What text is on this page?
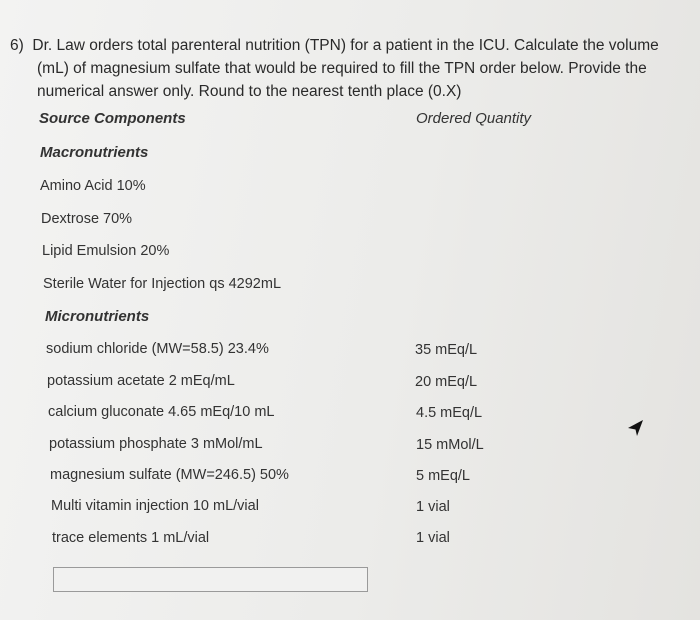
6) Dr. Law orders total parenteral nutrition (TPN) for a patient in the ICU. Calculate the volume
(mL) of magnesium sulfate that would be required to fill the TPN order below. Provide the
numerical answer only. Round to the nearest tenth place (0.X)
Source Components	Ordered Quantity
Macronutrients
Amino Acid 10%
Dextrose 70%
Lipid Emulsion 20%
Sterile Water for Injection qs 4292mL
Micronutrients
sodium chloride (MW=58.5) 23.4%	35 mEq/L
potassium acetate 2 mEq/mL	20 mEq/L
calcium gluconate 4.65 mEq/10 mL	4.5 mEq/L
potassium phosphate 3 mMol/mL	15 mMol/L
magnesium sulfate (MW=246.5) 50%	5 mEq/L
Multi vitamin injection 10 mL/vial	1 vial
trace elements 1 mL/vial	1 vial
